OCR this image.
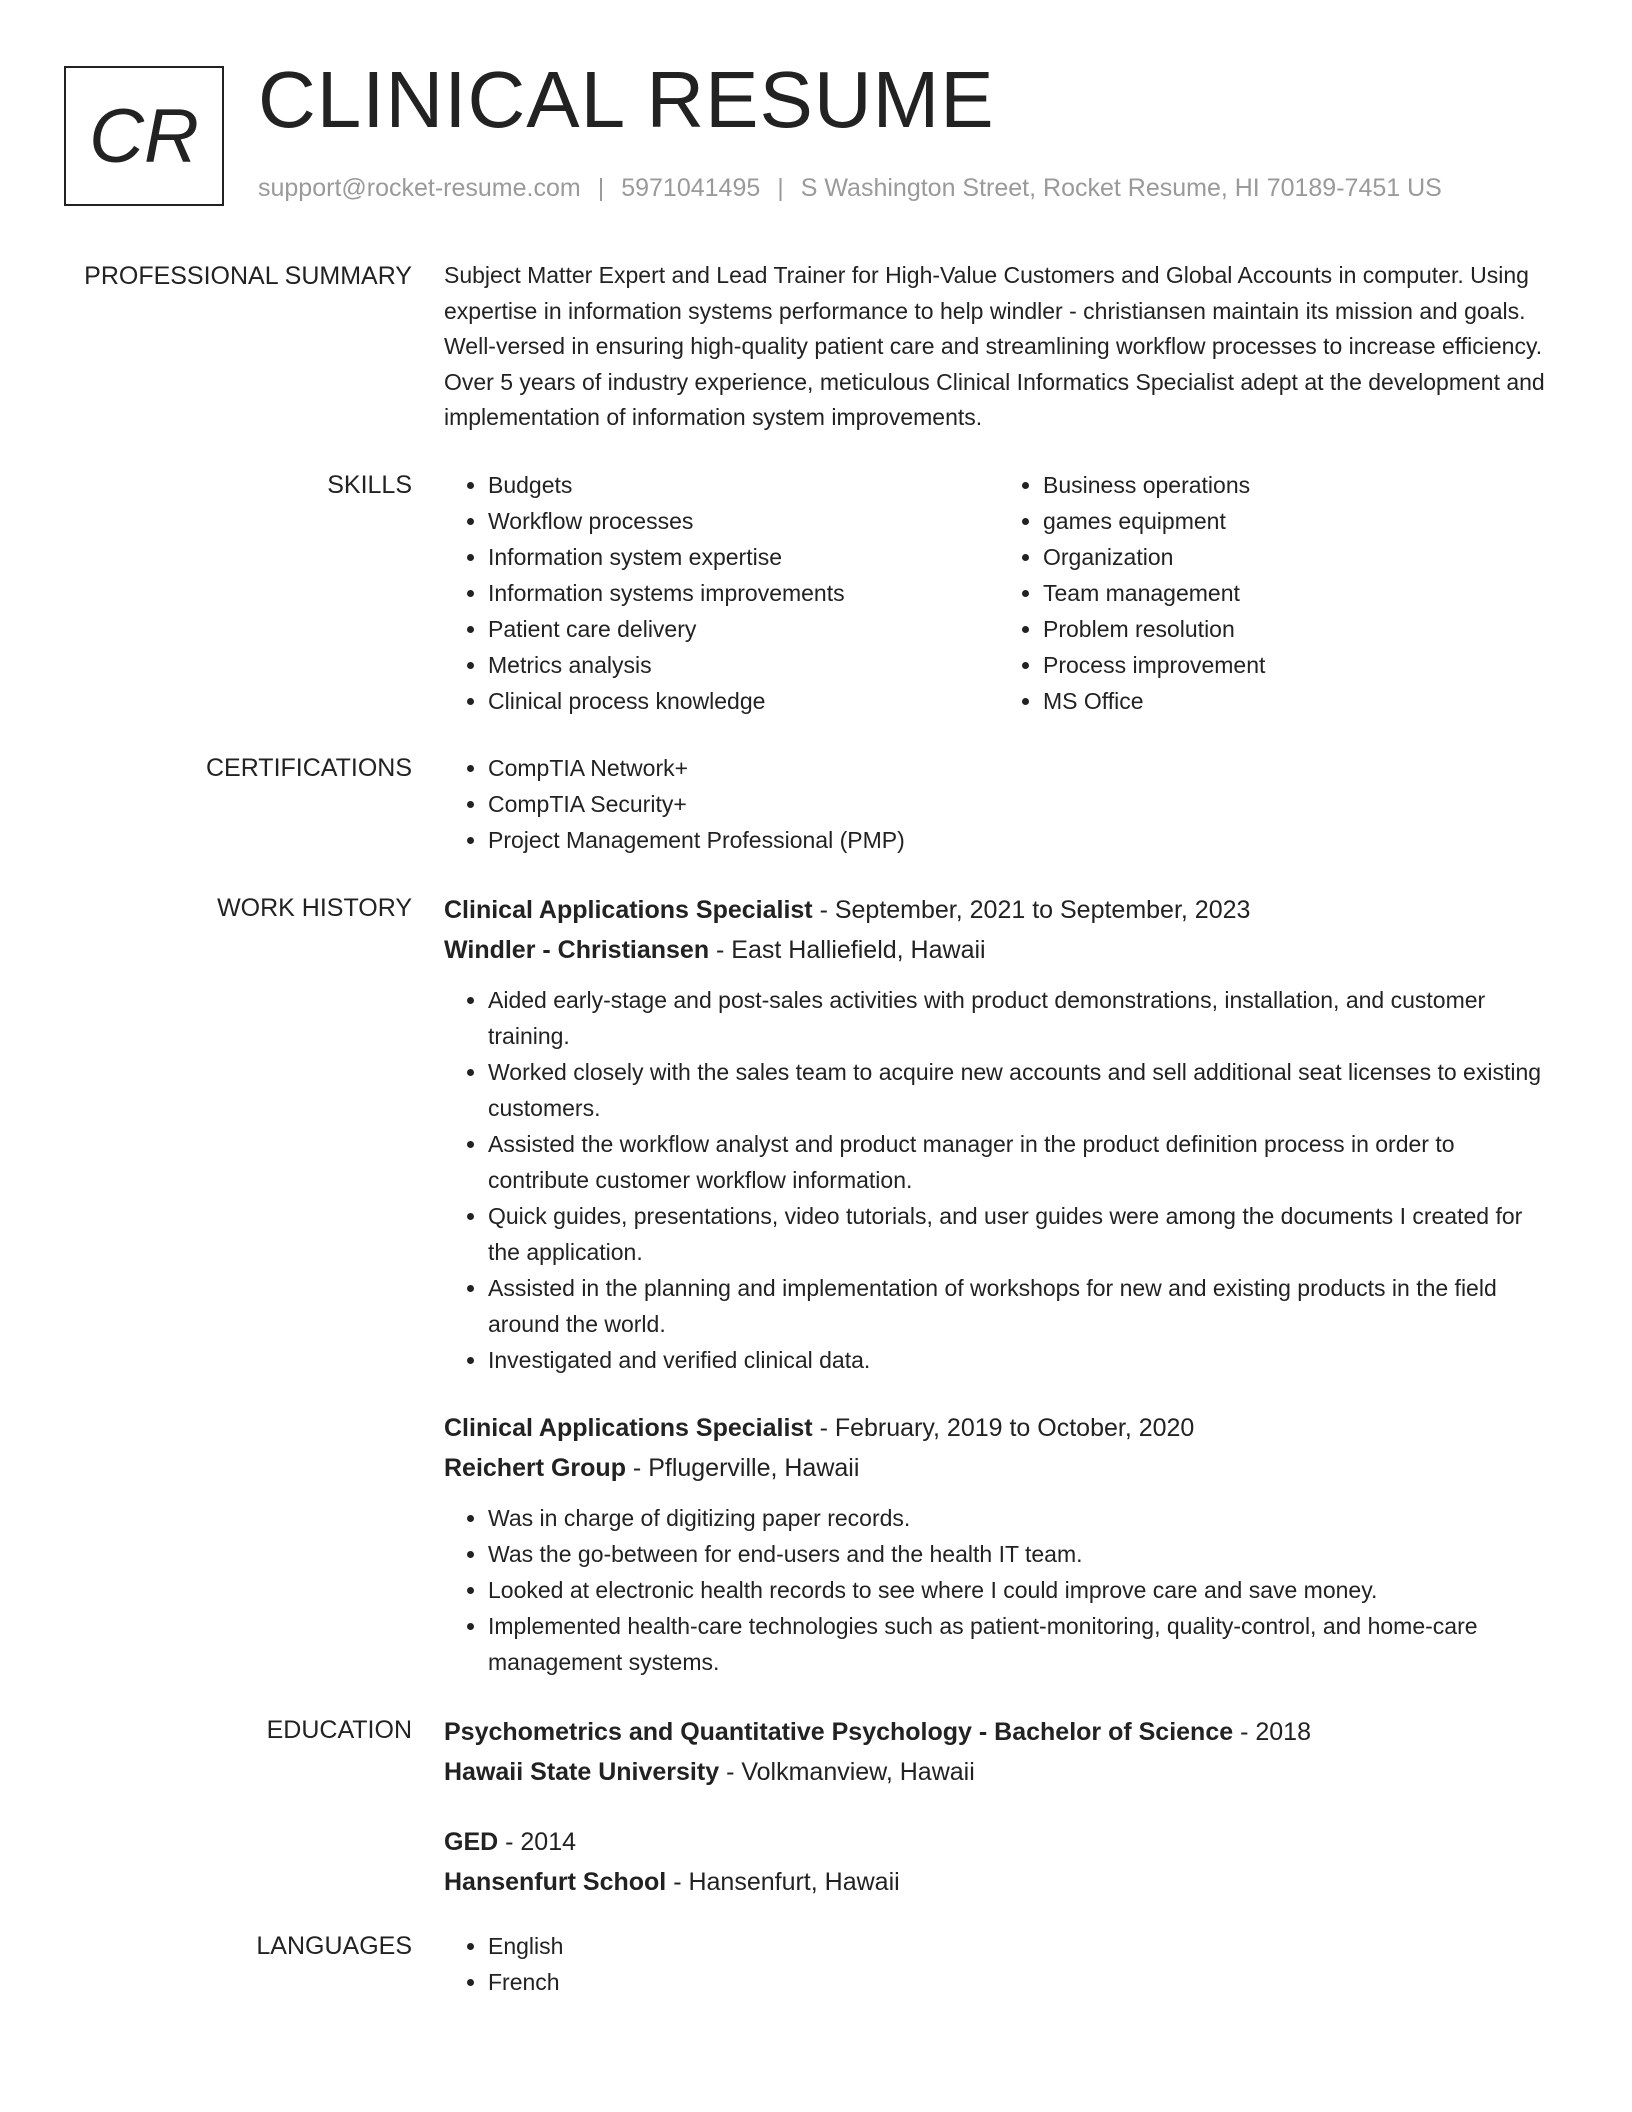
CR CLINICAL RESUME
support@rocket-resume.com | 5971041495 | S Washington Street, Rocket Resume, HI 70189-7451 US
PROFESSIONAL SUMMARY Subject Matter Expert and Lead Trainer for High-Value Customers and Global Accounts in computer. Using expertise in information systems performance to help windler - christiansen maintain its mission and goals. Well-versed in ensuring high-quality patient care and streamlining workflow processes to increase efficiency. Over 5 years of industry experience, meticulous Clinical Informatics Specialist adept at the development and implementation of information system improvements.

SKILLS	• Budgets
• Workflow processes
• Information system expertise
• Information systems improvements
• Patient care delivery
• Metrics analysis
• Clinical process knowledge
• Business operations
• games equipment
• Organization
• Team management
• Problem resolution
• Process improvement
• MS Office
CERTIFICATIONS	• CompTIA Network+
• CompTIA Security+
• Project Management Professional (PMP)
WORK HISTORY Clinical Applications Specialist - September, 2021 to September, 2023
Windler - Christiansen - East Halliefield, Hawaii
• Aided early-stage and post-sales activities with product demonstrations, installation, and customer training.
• Worked closely with the sales team to acquire new accounts and sell additional seat licenses to existing customers.
• Assisted the workflow analyst and product manager in the product definition process in order to contribute customer workflow information.
• Quick guides, presentations, video tutorials, and user guides were among the documents I created for the application.
• Assisted in the planning and implementation of workshops for new and existing products in the field around the world.
• Investigated and verified clinical data.
Clinical Applications Specialist - February, 2019 to October, 2020
Reichert Group - Pflugerville, Hawaii
• Was in charge of digitizing paper records.
• Was the go-between for end-users and the health IT team.
• Looked at electronic health records to see where I could improve care and save money.
• Implemented health-care technologies such as patient-monitoring, quality-control, and home-care management systems.
EDUCATION Psychometrics and Quantitative Psychology - Bachelor of Science - 2018
Hawaii State University - Volkmanview, Hawaii
GED - 2014
Hansenfurt School - Hansenfurt, Hawaii
LANGUAGES	• English
• French
